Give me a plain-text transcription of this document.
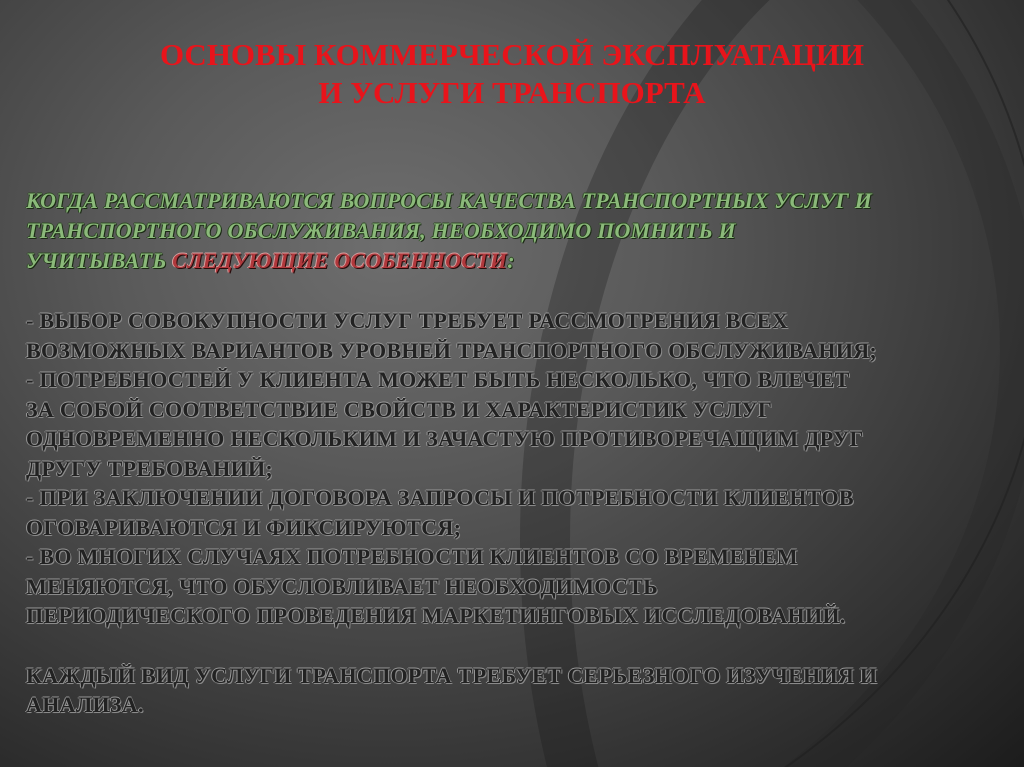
ОСНОВЫ КОММЕРЧЕСКОЙ ЭКСПЛУАТАЦИИ
И УСЛУГИ ТРАНСПОРТА

КОГДА РАССМАТРИВАЮТСЯ ВОПРОСЫ КАЧЕСТВА ТРАНСПОРТНЫХ УСЛУГ И
ТРАНСПОРТНОГО ОБСЛУЖИВАНИЯ, НЕОБХОДИМО ПОМНИТЬ И
УЧИТЫВАТЬ СЛЕДУЮЩИЕ ОСОБЕННОСТИ:

- ВЫБОР СОВОКУПНОСТИ УСЛУГ ТРЕБУЕТ РАССМОТРЕНИЯ ВСЕХ
ВОЗМОЖНЫХ ВАРИАНТОВ УРОВНЕЙ ТРАНСПОРТНОГО ОБСЛУЖИВАНИЯ;
- ПОТРЕБНОСТЕЙ У КЛИЕНТА МОЖЕТ БЫТЬ НЕСКОЛЬКО, ЧТО ВЛЕЧЕТ
ЗА СОБОЙ СООТВЕТСТВИЕ СВОЙСТВ И ХАРАКТЕРИСТИК УСЛУГ
ОДНОВРЕМЕННО НЕСКОЛЬКИМ И ЗАЧАСТУЮ ПРОТИВОРЕЧАЩИМ ДРУГ
ДРУГУ ТРЕБОВАНИЙ;
- ПРИ ЗАКЛЮЧЕНИИ ДОГОВОРА ЗАПРОСЫ И ПОТРЕБНОСТИ КЛИЕНТОВ
ОГОВАРИВАЮТСЯ И ФИКСИРУЮТСЯ;
- ВО МНОГИХ СЛУЧАЯХ ПОТРЕБНОСТИ КЛИЕНТОВ СО ВРЕМЕНЕМ
МЕНЯЮТСЯ, ЧТО ОБУСЛОВЛИВАЕТ НЕОБХОДИМОСТЬ
ПЕРИОДИЧЕСКОГО ПРОВЕДЕНИЯ МАРКЕТИНГОВЫХ ИССЛЕДОВАНИЙ.

КАЖДЫЙ ВИД УСЛУГИ ТРАНСПОРТА ТРЕБУЕТ СЕРЬЕЗНОГО ИЗУЧЕНИЯ И
АНАЛИЗА.
